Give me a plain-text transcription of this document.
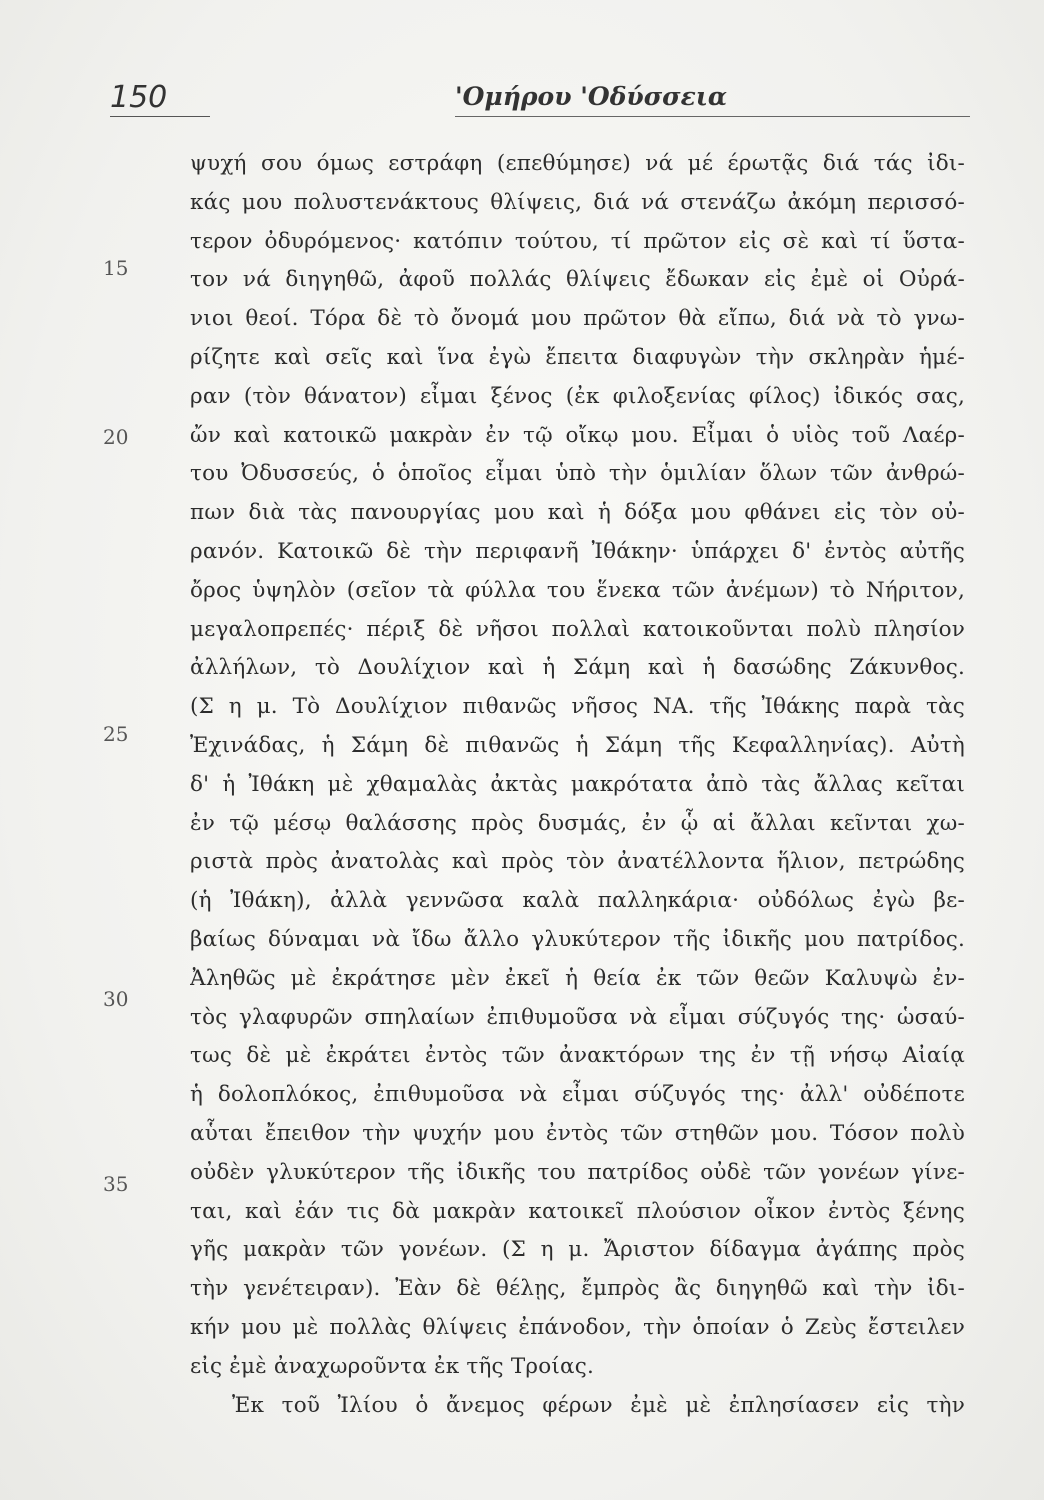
150	'Ομήρου 'Οδύσσεια
15
20
25
30
35
ψυχή σου όμως εστράφη (επεθύμησε) νά μέ έρωτᾷς διά τάς ἰδι-
κάς μου πολυστενάκτους θλίψεις, διά νά στενάζω ἀκόμη περισσό-
τερον ὀδυρόμενος· κατόπιν τούτου, τί πρῶτον εἰς σὲ καὶ τί ὕστα-
τον νά διηγηθῶ, ἀφοῦ πολλάς θλίψεις ἔδωκαν εἰς ἐμὲ οἱ Οὐρά-
νιοι θεοί. Τόρα δὲ τὸ ὄνομά μου πρῶτον θὰ εἴπω, διά νὰ τὸ γνω-
ρίζητε καὶ σεῖς καὶ ἵνα ἐγὼ ἔπειτα διαφυγὼν τὴν σκληρὰν ἡμέ-
ραν (τὸν θάνατον) εἶμαι ξένος (ἐκ φιλοξενίας φίλος) ἰδικός σας,
ὤν καὶ κατοικῶ μακρὰν ἐν τῷ οἴκῳ μου. Εἶμαι ὁ υἱὸς τοῦ Λαέρ-
του Ὀδυσσεύς, ὁ ὁποῖος εἶμαι ὑπὸ τὴν ὁμιλίαν ὅλων τῶν ἀνθρώ-
πων διὰ τὰς πανουργίας μου καὶ ἡ δόξα μου φθάνει εἰς τὸν οὐ-
ρανόν. Κατοικῶ δὲ τὴν περιφανῆ Ἰθάκην· ὑπάρχει δ' ἐντὸς αὐτῆς
ὄρος ὑψηλὸν (σεῖον τὰ φύλλα του ἕνεκα τῶν ἀνέμων) τὸ Νήριτον,
μεγαλοπρεπές· πέριξ δὲ νῆσοι πολλαὶ κατοικοῦνται πολὺ πλησίον
ἀλλήλων, τὸ Δουλίχιον καὶ ἡ Σάμη καὶ ἡ δασώδης Ζάκυνθος.
(Σ η μ. Τὸ Δουλίχιον πιθανῶς νῆσος ΝΑ. τῆς Ἰθάκης παρὰ τὰς
Ἐχινάδας, ἡ Σάμη δὲ πιθανῶς ἡ Σάμη τῆς Κεφαλληνίας). Αὐτὴ
δ' ἡ Ἰθάκη μὲ χθαμαλὰς ἀκτὰς μακρότατα ἀπὸ τὰς ἄλλας κεῖται
ἐν τῷ μέσῳ θαλάσσης πρὸς δυσμάς, ἐν ᾧ αἱ ἄλλαι κεῖνται χω-
ριστὰ πρὸς ἀνατολὰς καὶ πρὸς τὸν ἀνατέλλοντα ἥλιον, πετρώδης
(ἡ Ἰθάκη), ἀλλὰ γεννῶσα καλὰ παλληκάρια· οὐδόλως ἐγὼ βε-
βαίως δύναμαι νὰ ἴδω ἄλλο γλυκύτερον τῆς ἰδικῆς μου πατρίδος.
Ἀληθῶς μὲ ἐκράτησε μὲν ἐκεῖ ἡ θεία ἐκ τῶν θεῶν Καλυψὼ ἐν-
τὸς γλαφυρῶν σπηλαίων ἐπιθυμοῦσα νὰ εἶμαι σύζυγός της· ὡσαύ-
τως δὲ μὲ ἐκράτει ἐντὸς τῶν ἀνακτόρων της ἐν τῇ νήσῳ Αἰαίᾳ
ἡ δολοπλόκος, ἐπιθυμοῦσα νὰ εἶμαι σύζυγός της· ἀλλ' οὐδέποτε
αὗται ἔπειθον τὴν ψυχήν μου ἐντὸς τῶν στηθῶν μου. Τόσον πολὺ
οὐδὲν γλυκύτερον τῆς ἰδικῆς του πατρίδος οὐδὲ τῶν γονέων γίνε-
ται, καὶ ἐάν τις δὰ μακρὰν κατοικεῖ πλούσιον οἶκον ἐντὸς ξένης
γῆς μακρὰν τῶν γονέων. (Σ η μ. Ἄριστον δίδαγμα ἀγάπης πρὸς
τὴν γενέτειραν). Ἐὰν δὲ θέλῃς, ἔμπρὸς ἂς διηγηθῶ καὶ τὴν ἰδι-
κήν μου μὲ πολλὰς θλίψεις ἐπάνοδον, τὴν ὁποίαν ὁ Ζεὺς ἔστειλεν
εἰς ἐμὲ ἀναχωροῦντα ἐκ τῆς Τροίας.
Ἐκ τοῦ Ἰλίου ὁ ἄνεμος φέρων ἐμὲ μὲ ἐπλησίασεν εἰς τὴν
